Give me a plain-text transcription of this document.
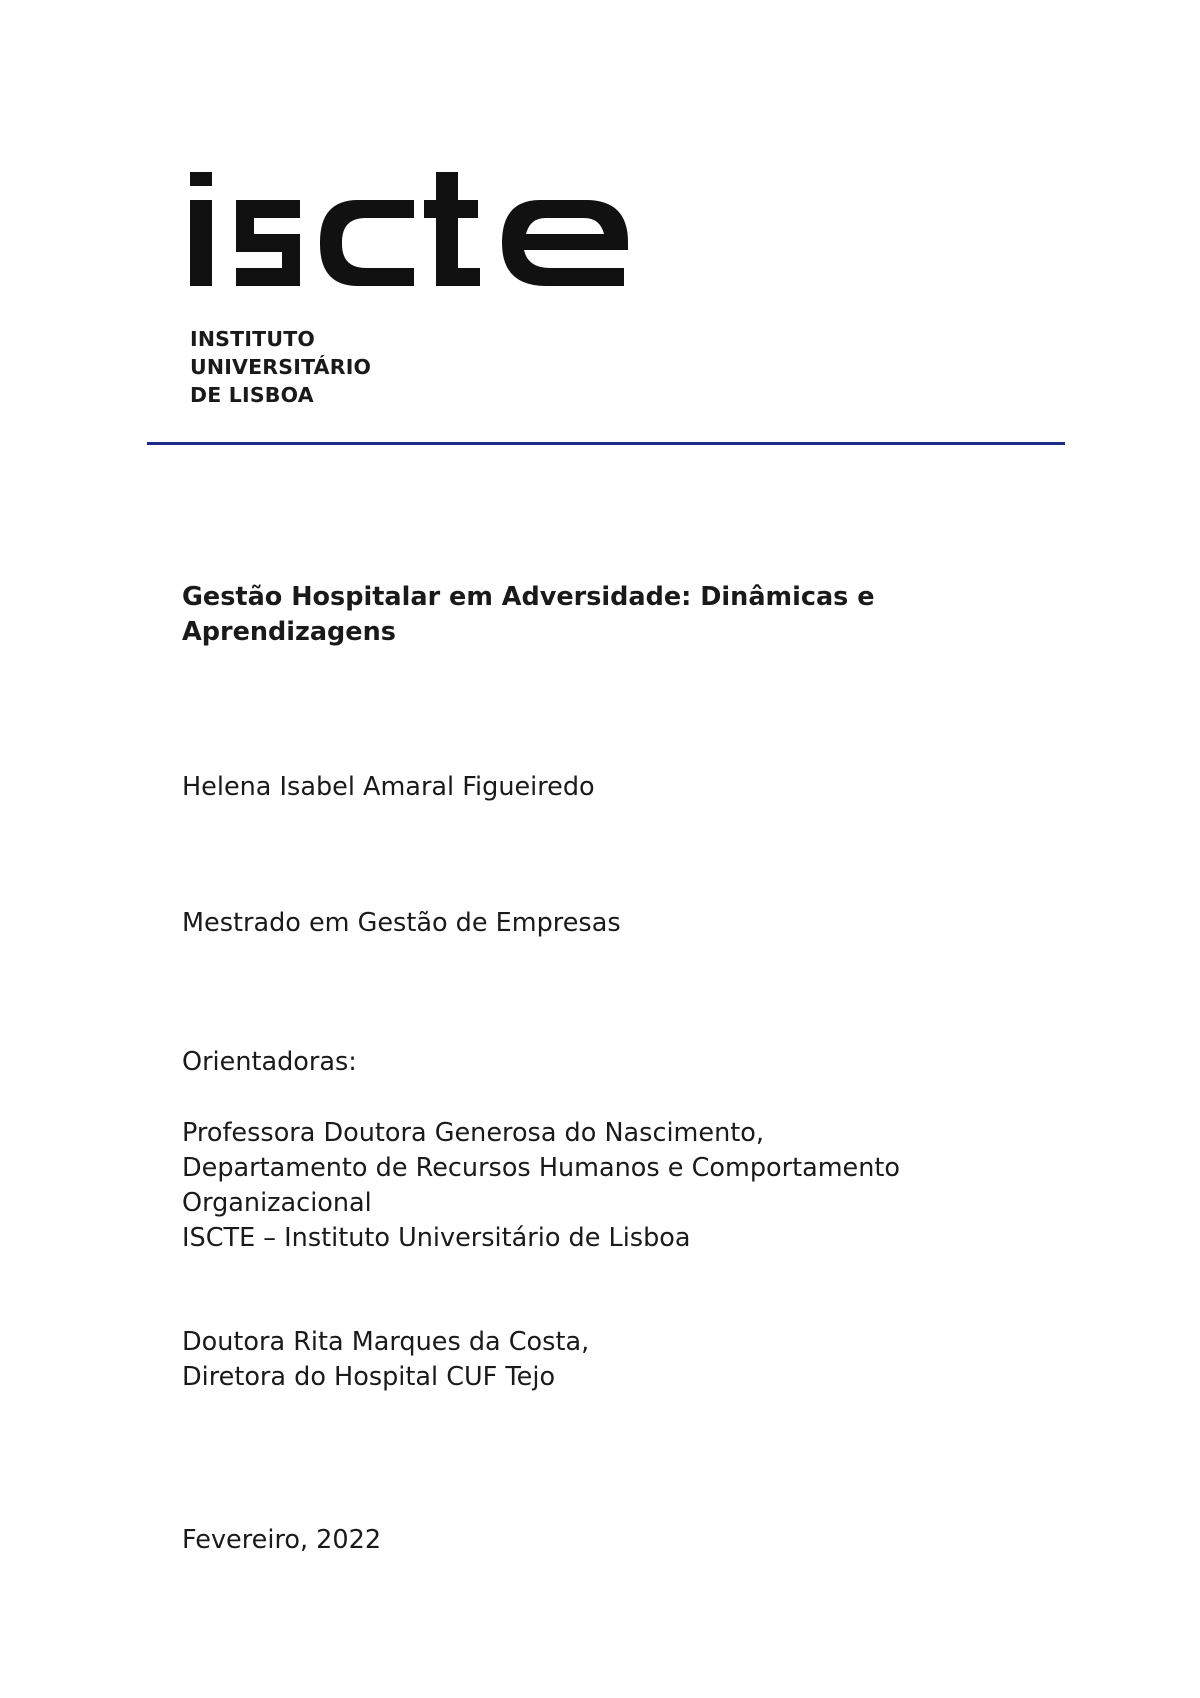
INSTITUTO
UNIVERSITÁRIO
DE LISBOA
Gestão Hospitalar em Adversidade: Dinâmicas e
Aprendizagens
Helena Isabel Amaral Figueiredo
Mestrado em Gestão de Empresas
Orientadoras:
Professora Doutora Generosa do Nascimento,
Departamento de Recursos Humanos e Comportamento
Organizacional
ISCTE – Instituto Universitário de Lisboa
Doutora Rita Marques da Costa,
Diretora do Hospital CUF Tejo
Fevereiro, 2022
